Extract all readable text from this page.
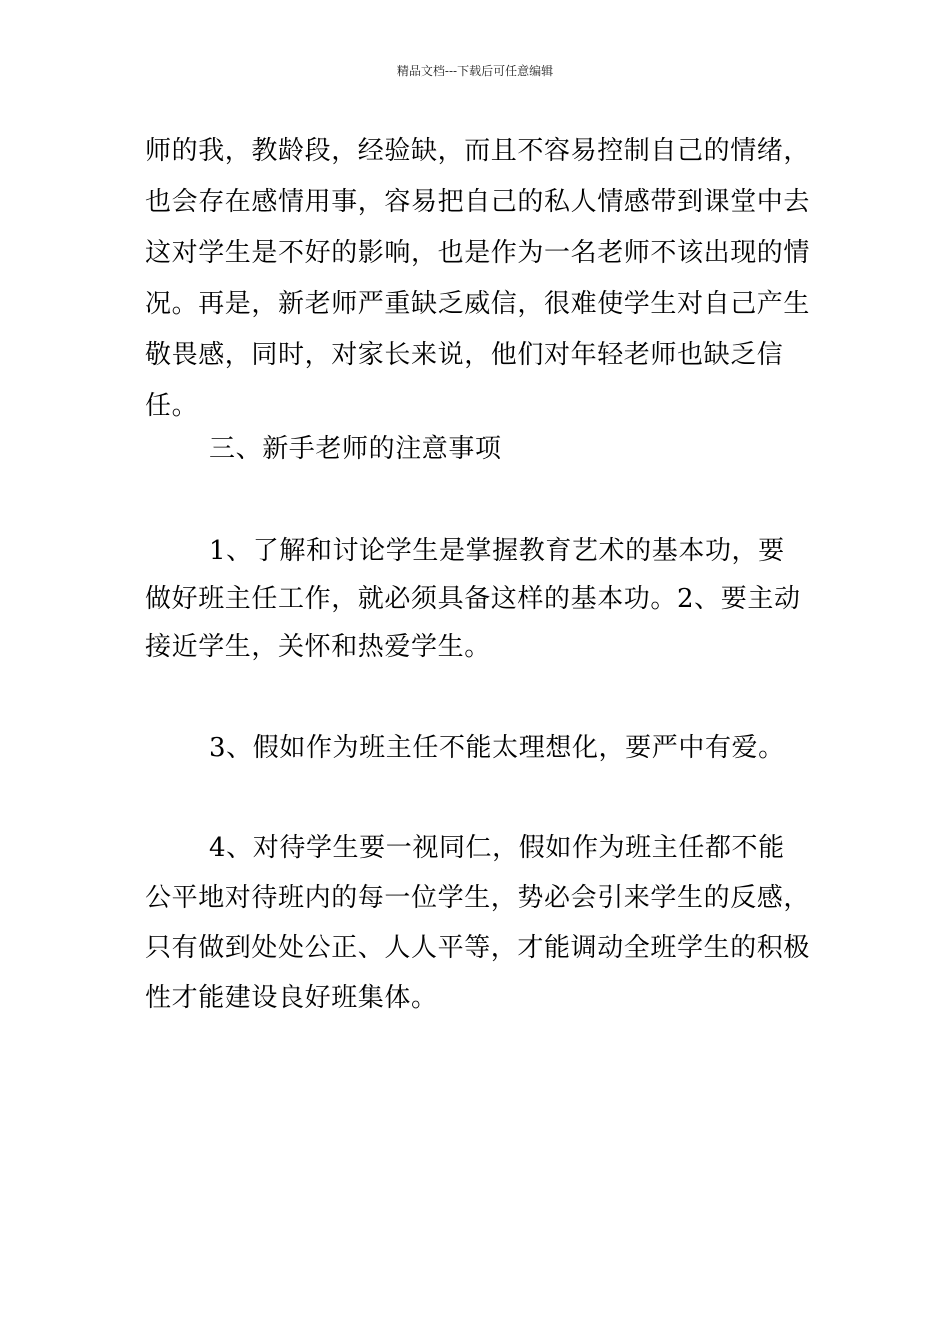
精品文档---下载后可任意编辑

师的我，教龄段，经验缺，而且不容易控制自己的情绪，也会存在感情用事，容易把自己的私人情感带到课堂中去这对学生是不好的影响，也是作为一名老师不该出现的情况。再是，新老师严重缺乏威信，很难使学生对自己产生敬畏感，同时，对家长来说，他们对年轻老师也缺乏信任。

三、新手老师的注意事项

1、了解和讨论学生是掌握教育艺术的基本功，要做好班主任工作，就必须具备这样的基本功。2、要主动接近学生，关怀和热爱学生。

3、假如作为班主任不能太理想化，要严中有爱。

4、对待学生要一视同仁，假如作为班主任都不能公平地对待班内的每一位学生，势必会引来学生的反感，只有做到处处公正、人人平等，才能调动全班学生的积极性才能建设良好班集体。
